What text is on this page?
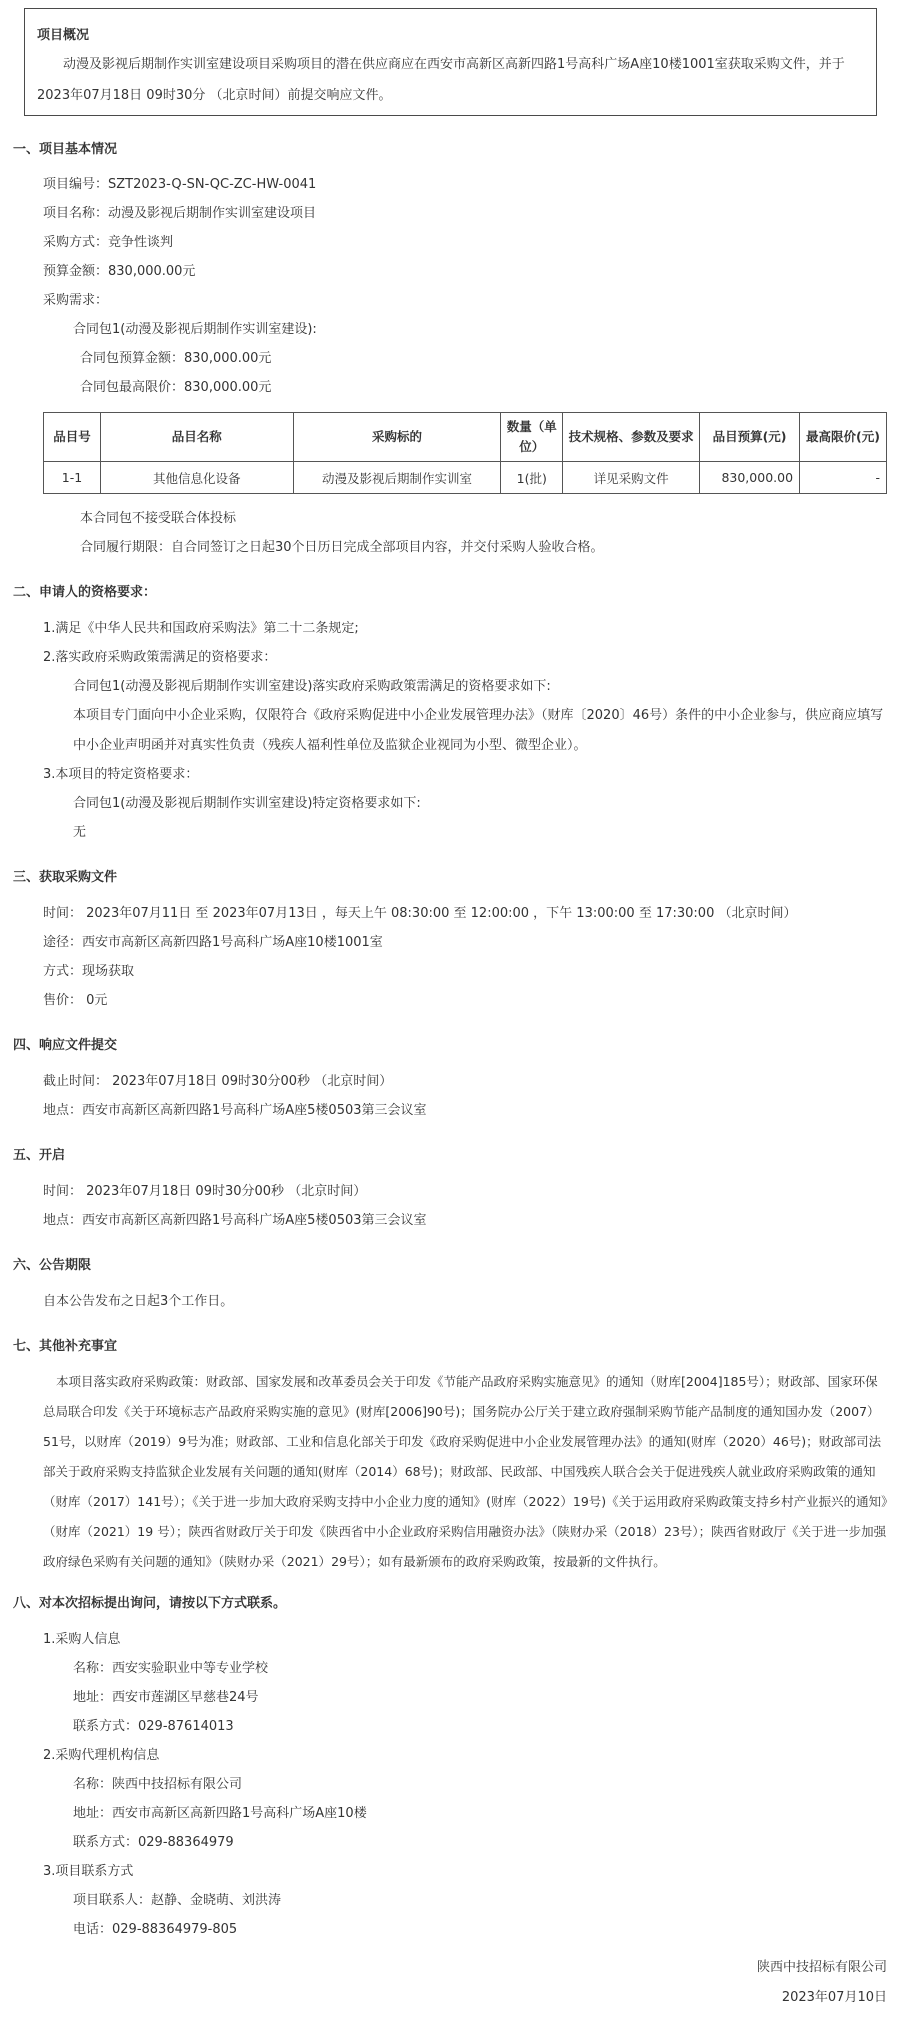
项目概况
动漫及影视后期制作实训室建设项目采购项目的潜在供应商应在西安市高新区高新四路1号高科广场A座10楼1001室获取采购文件，并于 2023年07月18日 09时30分 （北京时间）前提交响应文件。
一、项目基本情况
项目编号：SZT2023-Q-SN-QC-ZC-HW-0041
项目名称：动漫及影视后期制作实训室建设项目
采购方式：竞争性谈判
预算金额：830,000.00元
采购需求：
合同包1(动漫及影视后期制作实训室建设):
合同包预算金额：830,000.00元
合同包最高限价：830,000.00元
品目号	品目名称	采购标的	数量（单位）	技术规格、参数及要求	品目预算(元)	最高限价(元)
1-1	其他信息化设备	动漫及影视后期制作实训室	1(批)	详见采购文件	830,000.00	-
本合同包不接受联合体投标
合同履行期限：自合同签订之日起30个日历日完成全部项目内容，并交付采购人验收合格。
二、申请人的资格要求：
1.满足《中华人民共和国政府采购法》第二十二条规定;
2.落实政府采购政策需满足的资格要求：
合同包1(动漫及影视后期制作实训室建设)落实政府采购政策需满足的资格要求如下:
本项目专门面向中小企业采购，仅限符合《政府采购促进中小企业发展管理办法》（财库〔2020〕46号）条件的中小企业参与，供应商应填写中小企业声明函并对真实性负责（残疾人福利性单位及监狱企业视同为小型、微型企业）。
3.本项目的特定资格要求：
合同包1(动漫及影视后期制作实训室建设)特定资格要求如下:
无
三、获取采购文件
时间： 2023年07月11日 至 2023年07月13日 ，每天上午 08:30:00 至 12:00:00 ，下午 13:00:00 至 17:30:00 （北京时间）
途径：西安市高新区高新四路1号高科广场A座10楼1001室
方式：现场获取
售价： 0元
四、响应文件提交
截止时间： 2023年07月18日 09时30分00秒 （北京时间）
地点：西安市高新区高新四路1号高科广场A座5楼0503第三会议室
五、开启
时间： 2023年07月18日 09时30分00秒 （北京时间）
地点：西安市高新区高新四路1号高科广场A座5楼0503第三会议室
六、公告期限
自本公告发布之日起3个工作日。
七、其他补充事宜
本项目落实政府采购政策：财政部、国家发展和改革委员会关于印发《节能产品政府采购实施意见》的通知（财库[2004]185号）；财政部、国家环保总局联合印发《关于环境标志产品政府采购实施的意见》(财库[2006]90号)；国务院办公厅关于建立政府强制采购节能产品制度的通知国办发（2007）51号，以财库（2019）9号为准；财政部、工业和信息化部关于印发《政府采购促进中小企业发展管理办法》的通知(财库（2020）46号)；财政部司法部关于政府采购支持监狱企业发展有关问题的通知(财库（2014）68号)；财政部、民政部、中国残疾人联合会关于促进残疾人就业政府采购政策的通知（财库（2017）141号）；《关于进一步加大政府采购支持中小企业力度的通知》(财库（2022）19号)《关于运用政府采购政策支持乡村产业振兴的通知》（财库（2021）19 号）；陕西省财政厅关于印发《陕西省中小企业政府采购信用融资办法》（陕财办采（2018）23号）；陕西省财政厅《关于进一步加强政府绿色采购有关问题的通知》（陕财办采（2021）29号）；如有最新颁布的政府采购政策，按最新的文件执行。
八、对本次招标提出询问，请按以下方式联系。
1.采购人信息
名称：西安实验职业中等专业学校
地址：西安市莲湖区早慈巷24号
联系方式：029-87614013
2.采购代理机构信息
名称：陕西中技招标有限公司
地址：西安市高新区高新四路1号高科广场A座10楼
联系方式：029-88364979
3.项目联系方式
项目联系人：赵静、金晓萌、刘洪涛
电话：029-88364979-805
陕西中技招标有限公司
2023年07月10日
